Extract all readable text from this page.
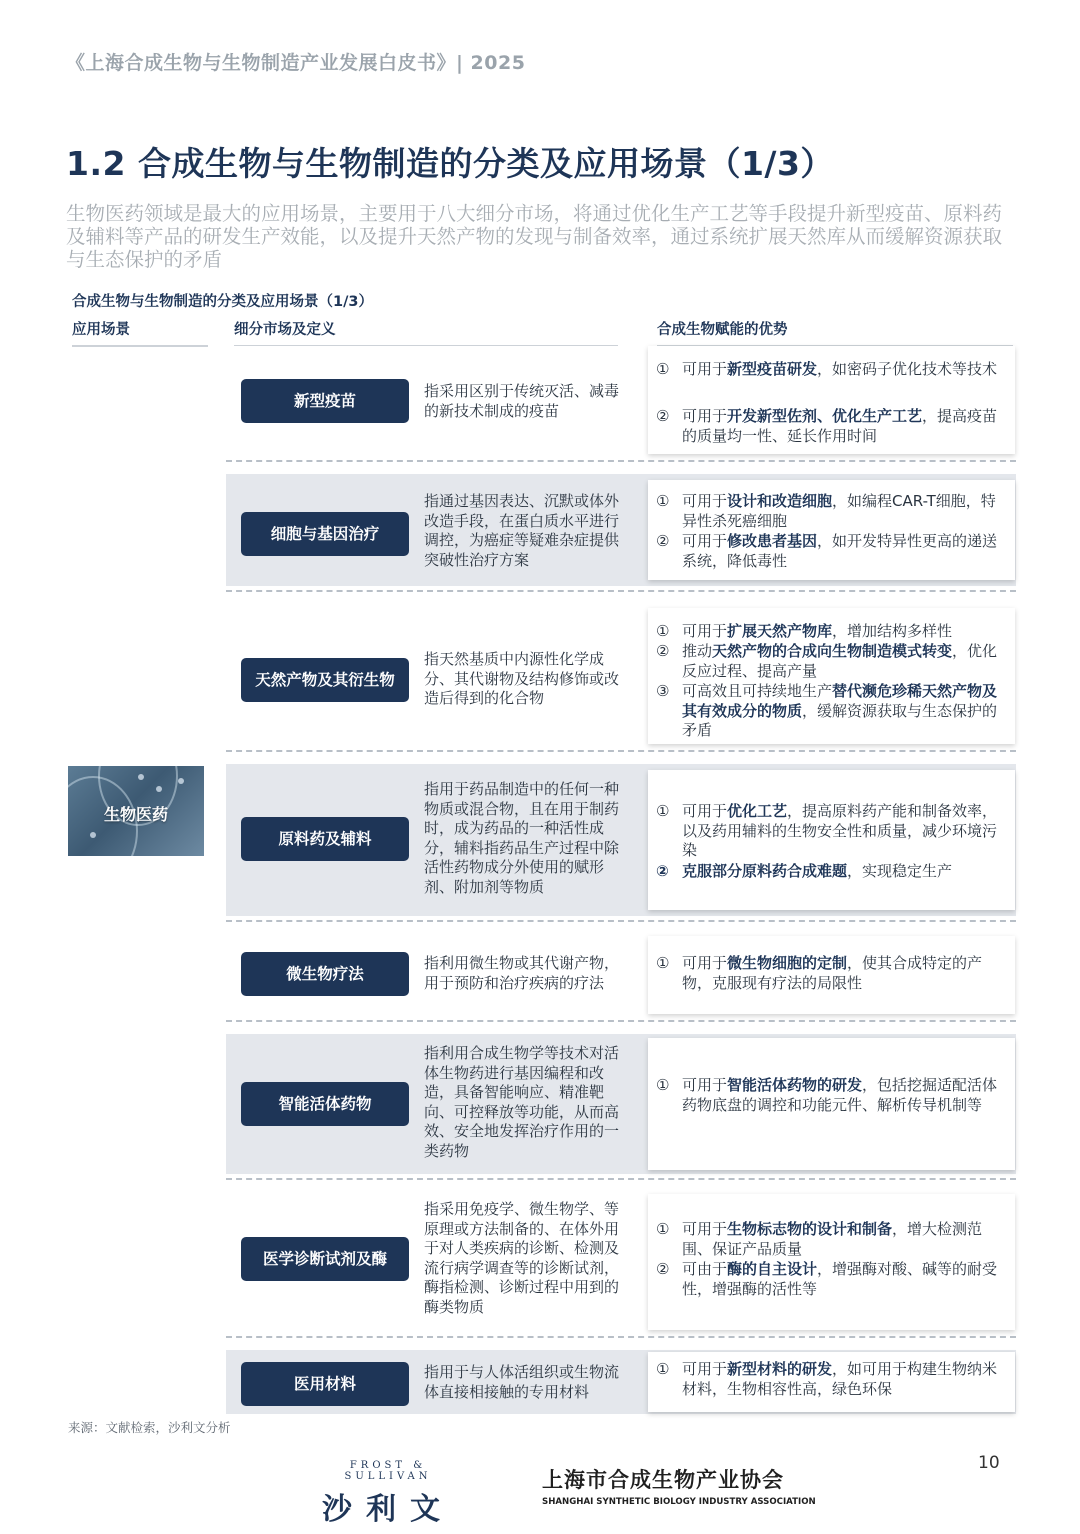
《上海合成生物与生物制造产业发展白皮书》| 2025
1.2 合成生物与生物制造的分类及应用场景（1/3）
生物医药领域是最大的应用场景，主要用于八大细分市场，将通过优化生产工艺等手段提升新型疫苗、原料药及辅料等产品的研发生产效能，以及提升天然产物的发现与制备效率，通过系统扩展天然库从而缓解资源获取与生态保护的矛盾
合成生物与生物制造的分类及应用场景（1/3）
应用场景	细分市场及定义	合成生物赋能的优势
生物医药
新型疫苗
指采用区别于传统灭活、减毒的新技术制成的疫苗
① 可用于新型疫苗研发，如密码子优化技术等技术
② 可用于开发新型佐剂、优化生产工艺，提高疫苗的质量均一性、延长作用时间
细胞与基因治疗
指通过基因表达、沉默或体外改造手段，在蛋白质水平进行调控，为癌症等疑难杂症提供突破性治疗方案
① 可用于设计和改造细胞，如编程CAR-T细胞，特异性杀死癌细胞
② 可用于修改患者基因，如开发特异性更高的递送系统，降低毒性
天然产物及其衍生物
指天然基质中内源性化学成分、其代谢物及结构修饰或改造后得到的化合物
① 可用于扩展天然产物库，增加结构多样性
② 推动天然产物的合成向生物制造模式转变，优化反应过程、提高产量
③ 可高效且可持续地生产替代濒危珍稀天然产物及其有效成分的物质，缓解资源获取与生态保护的矛盾
原料药及辅料
指用于药品制造中的任何一种物质或混合物，且在用于制药时，成为药品的一种活性成分，辅料指药品生产过程中除活性药物成分外使用的赋形剂、附加剂等物质
① 可用于优化工艺，提高原料药产能和制备效率，以及药用辅料的生物安全性和质量，减少环境污染
② 克服部分原料药合成难题，实现稳定生产
微生物疗法
指利用微生物或其代谢产物，用于预防和治疗疾病的疗法
① 可用于微生物细胞的定制，使其合成特定的产物，克服现有疗法的局限性
智能活体药物
指利用合成生物学等技术对活体生物药进行基因编程和改造，具备智能响应、精准靶向、可控释放等功能，从而高效、安全地发挥治疗作用的一类药物
① 可用于智能活体药物的研发，包括挖掘适配活体药物底盘的调控和功能元件、解析传导机制等
医学诊断试剂及酶
指采用免疫学、微生物学、等原理或方法制备的、在体外用于对人类疾病的诊断、检测及流行病学调查等的诊断试剂，酶指检测、诊断过程中用到的酶类物质
① 可用于生物标志物的设计和制备，增大检测范围、保证产品质量
② 可由于酶的自主设计，增强酶对酸、碱等的耐受性，增强酶的活性等
医用材料
指用于与人体活组织或生物流体直接相接触的专用材料
① 可用于新型材料的研发，如可用于构建生物纳米材料，生物相容性高，绿色环保
来源：文献检索，沙利文分析
FROST & SULLIVAN
沙利文
上海市合成生物产业协会
SHANGHAI SYNTHETIC BIOLOGY INDUSTRY ASSOCIATION
10
